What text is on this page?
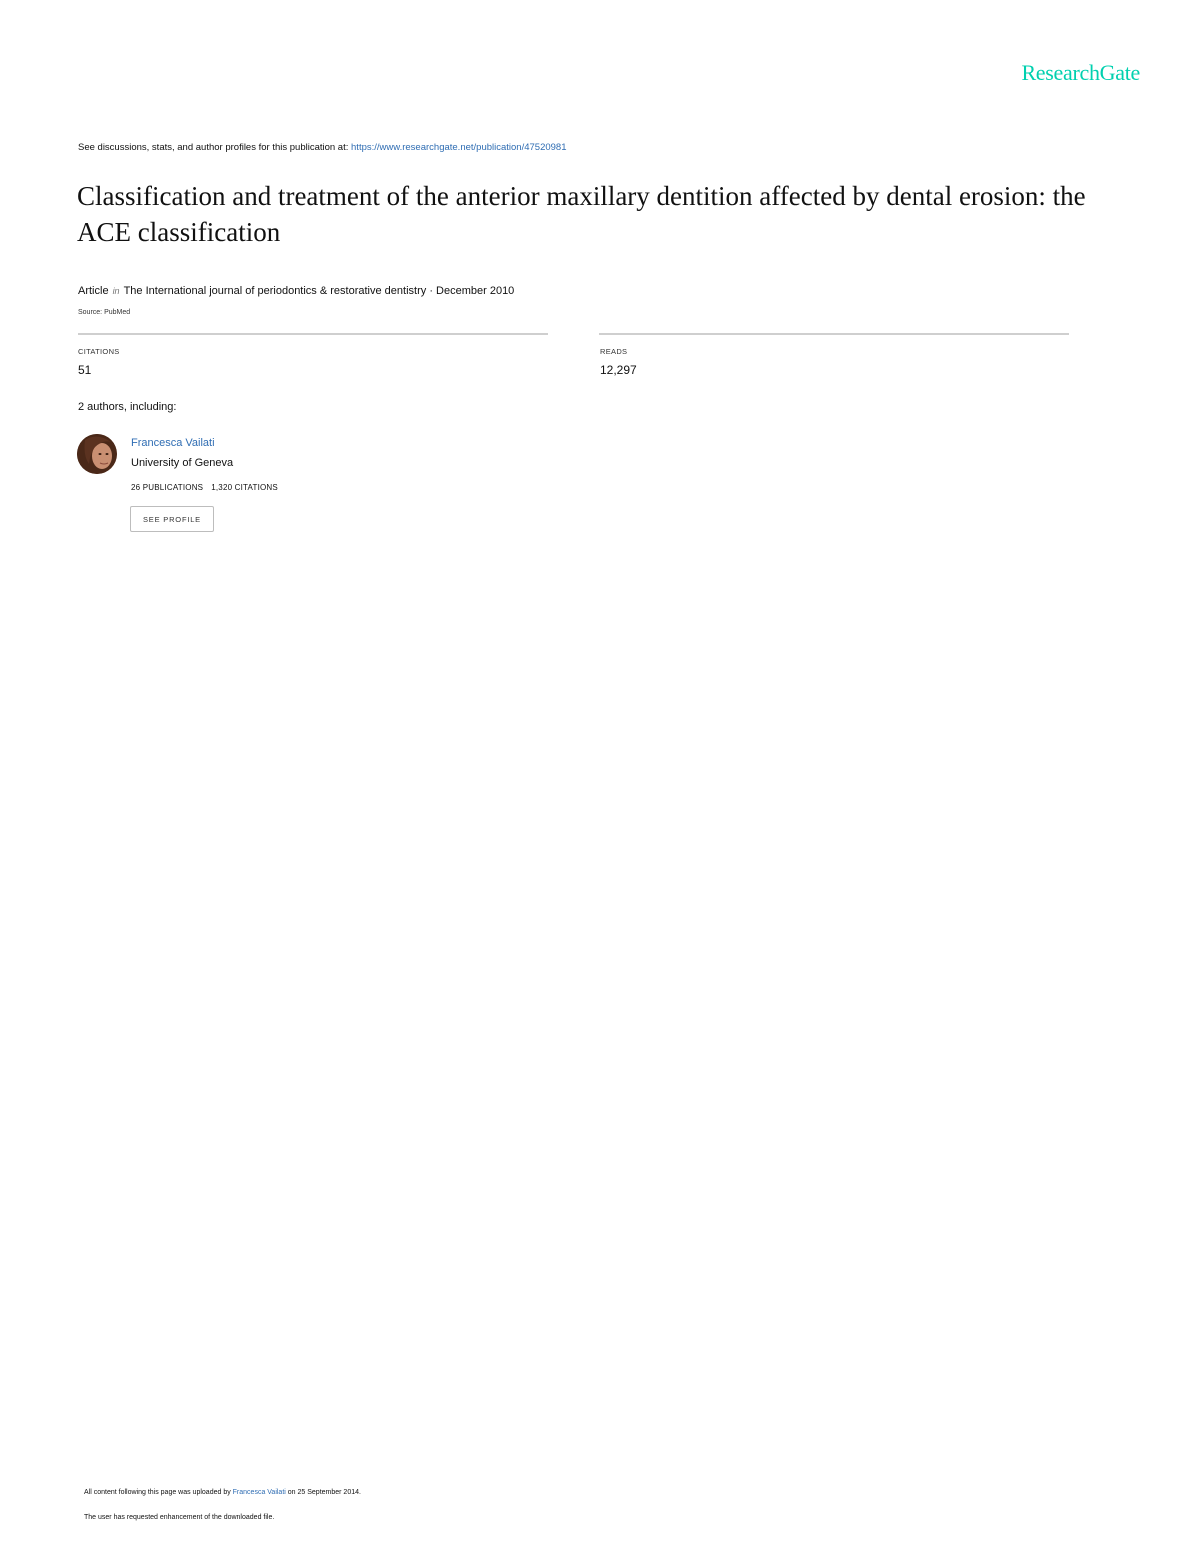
ResearchGate
See discussions, stats, and author profiles for this publication at: https://www.researchgate.net/publication/47520981
Classification and treatment of the anterior maxillary dentition affected by dental erosion: the ACE classification
Article in The International journal of periodontics & restorative dentistry · December 2010
Source: PubMed
CITATIONS
51
READS
12,297
2 authors, including:
Francesca Vailati
University of Geneva
26 PUBLICATIONS 1,320 CITATIONS
SEE PROFILE
All content following this page was uploaded by Francesca Vailati on 25 September 2014.
The user has requested enhancement of the downloaded file.
